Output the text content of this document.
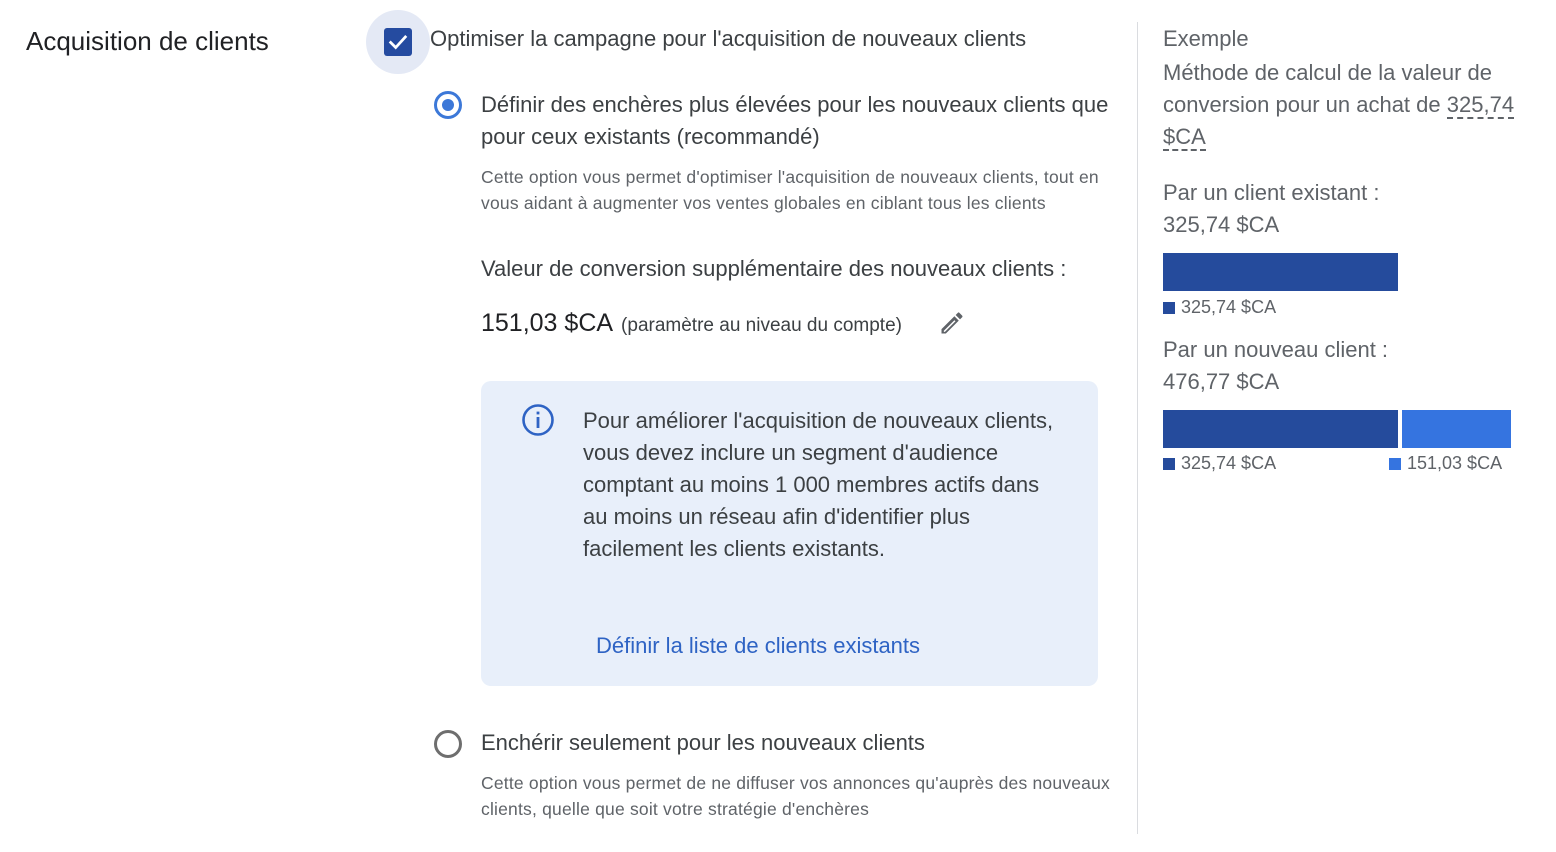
Acquisition de clients	Optimiser la campagne pour l'acquisition de nouveaux clients
Définir des enchères plus élevées pour les nouveaux clients que pour ceux existants (recommandé)
Cette option vous permet d'optimiser l'acquisition de nouveaux clients, tout en vous aidant à augmenter vos ventes globales en ciblant tous les clients
Valeur de conversion supplémentaire des nouveaux clients :
151,03 $CA (paramètre au niveau du compte)
Pour améliorer l'acquisition de nouveaux clients, vous devez inclure un segment d'audience comptant au moins 1 000 membres actifs dans au moins un réseau afin d'identifier plus facilement les clients existants.
Définir la liste de clients existants
Enchérir seulement pour les nouveaux clients
Cette option vous permet de ne diffuser vos annonces qu'auprès des nouveaux clients, quelle que soit votre stratégie d'enchères
Exemple
Méthode de calcul de la valeur de conversion pour un achat de 325,74 $CA
Par un client existant :
325,74 $CA
325,74 $CA
Par un nouveau client :
476,77 $CA
325,74 $CA	151,03 $CA
